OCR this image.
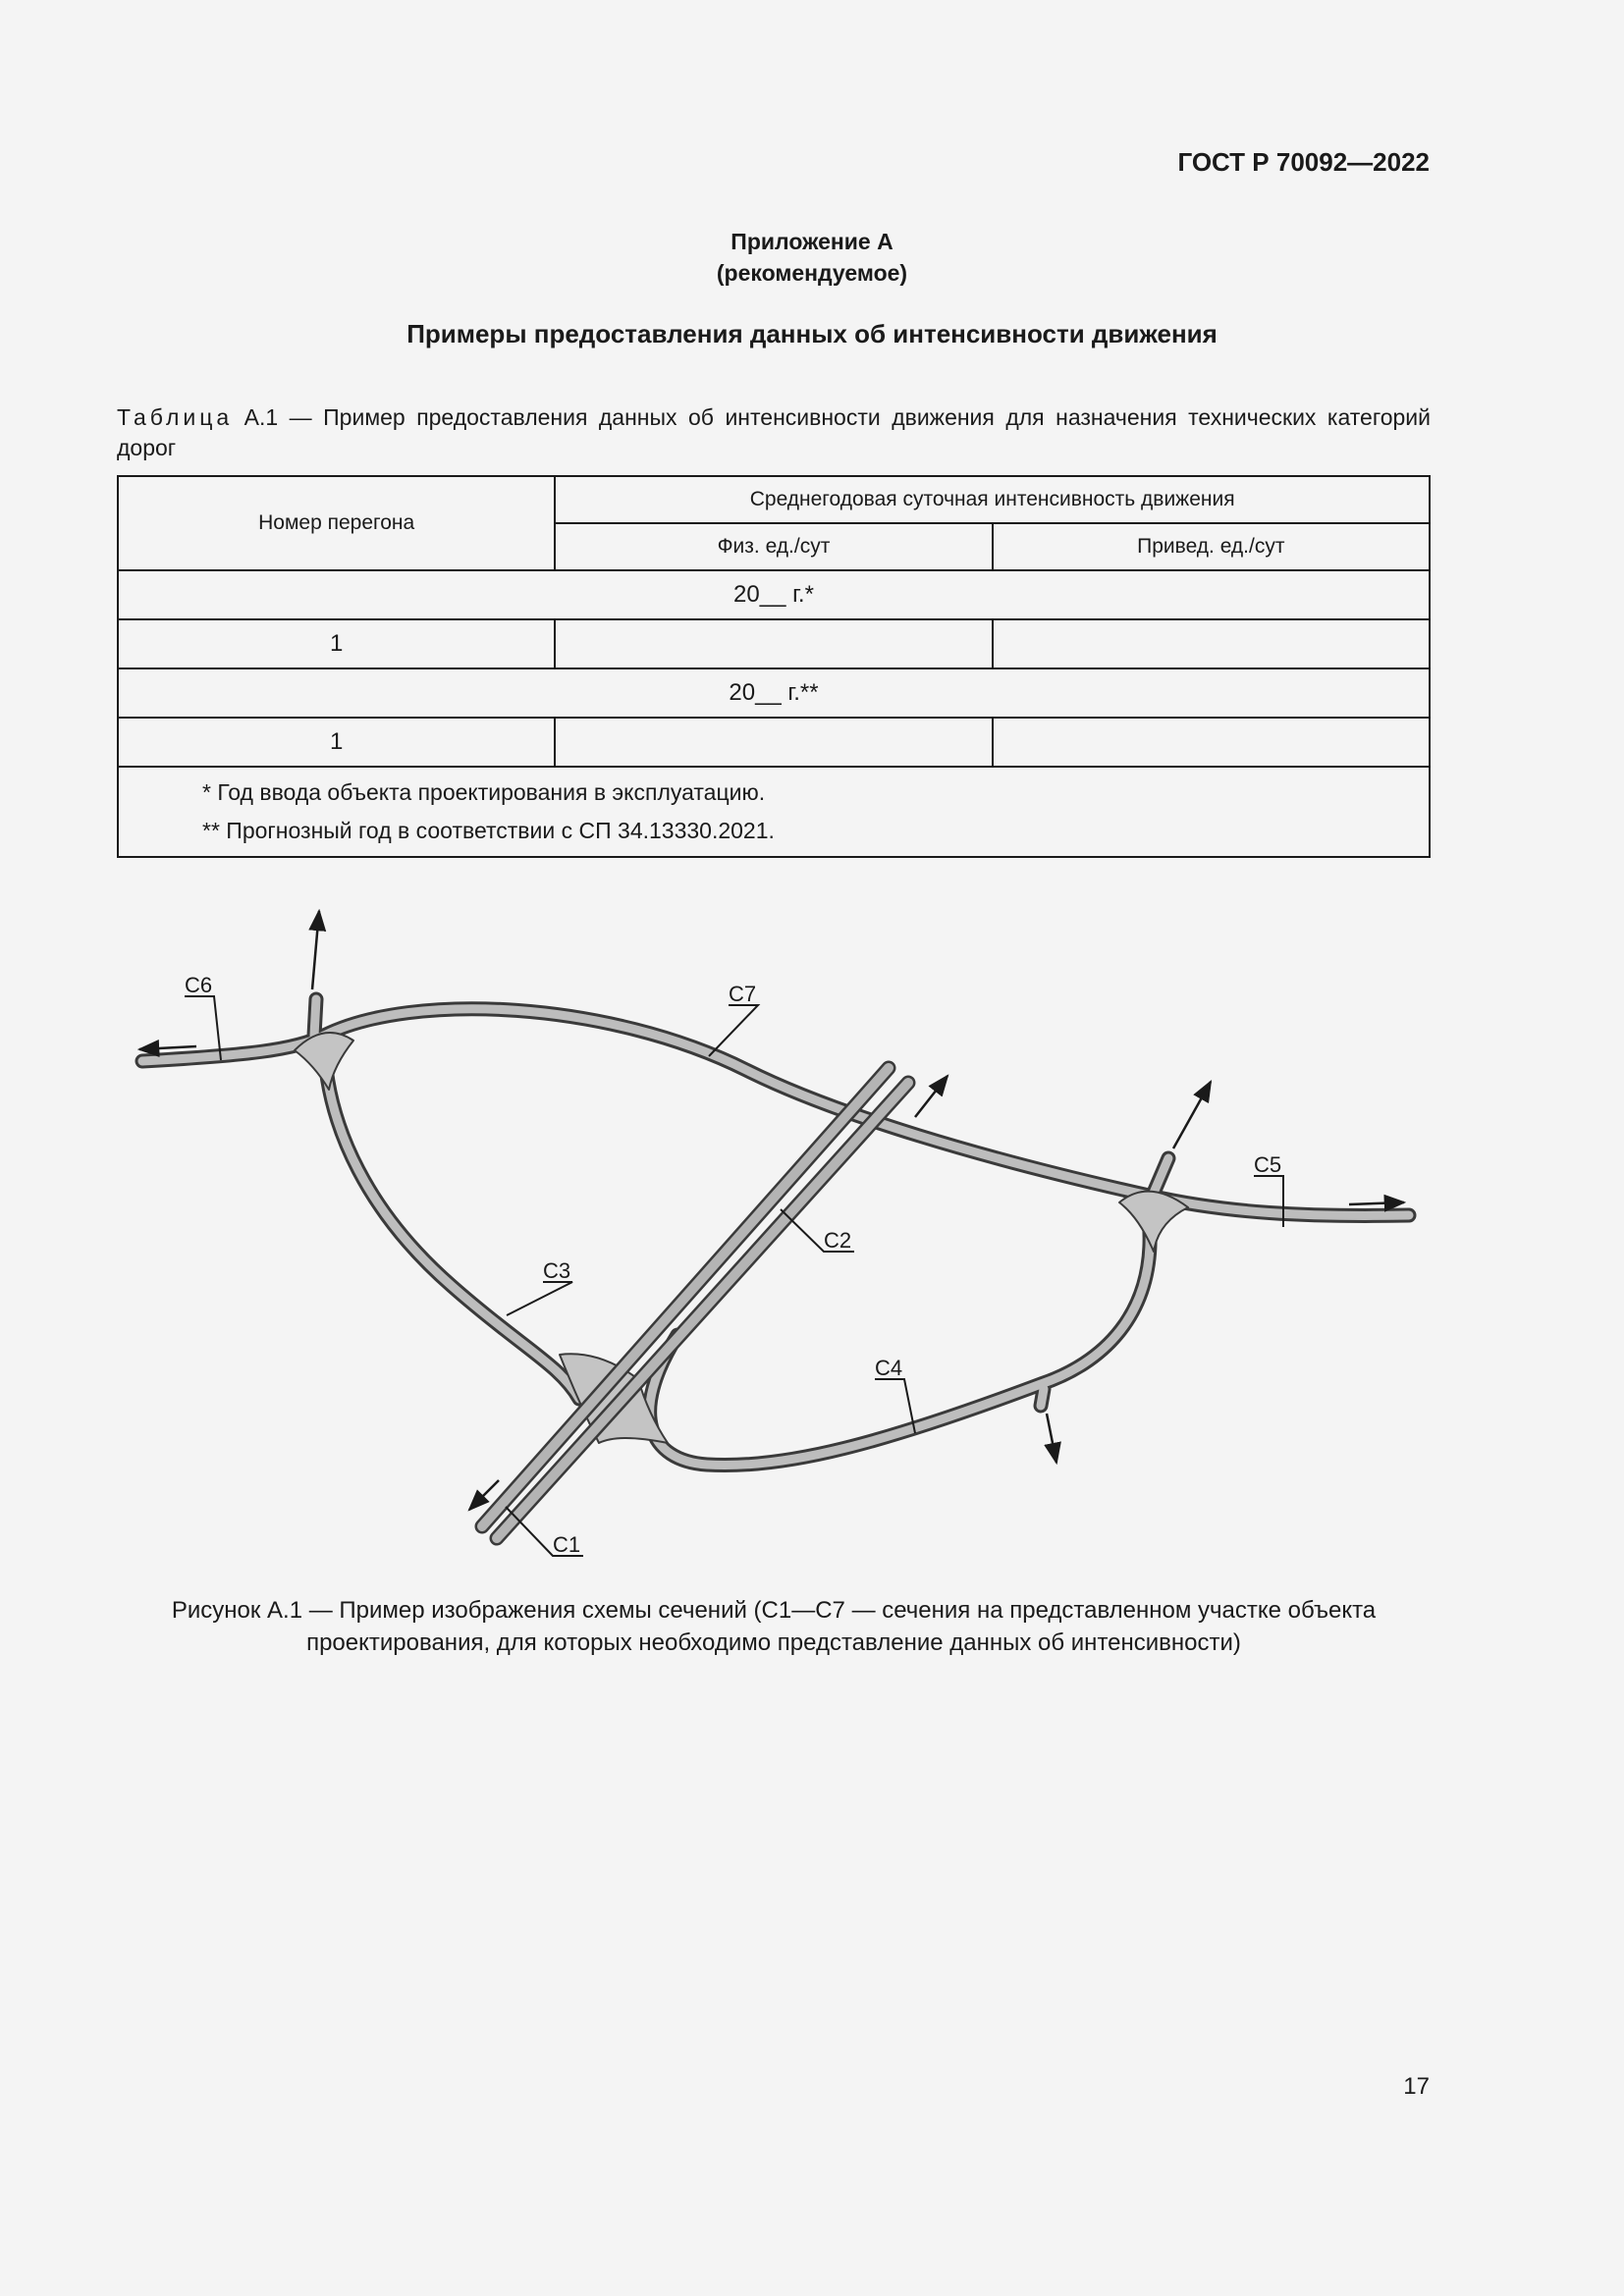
ГОСТ Р 70092—2022
Приложение А
(рекомендуемое)
Примеры предоставления данных об интенсивности движения
Таблица А.1 — Пример предоставления данных об интенсивности движения для назначения технических категорий дорог
Номер перегона	Среднегодовая суточная интенсивность движения	
	Физ. ед./сут	Привед. ед./сут
20__ г.*		
1		
20__ г.**		
1		

* Год ввода объекта проектирования в эксплуатацию.
** Прогнозный год в соответствии с СП 34.13330.2021.		
С6	С7
С5
С2
С3
С4
С1
Рисунок А.1 — Пример изображения схемы сечений (С1—С7 — сечения на представленном участке объекта проектирования, для которых необходимо представление данных об интенсивности)
17
